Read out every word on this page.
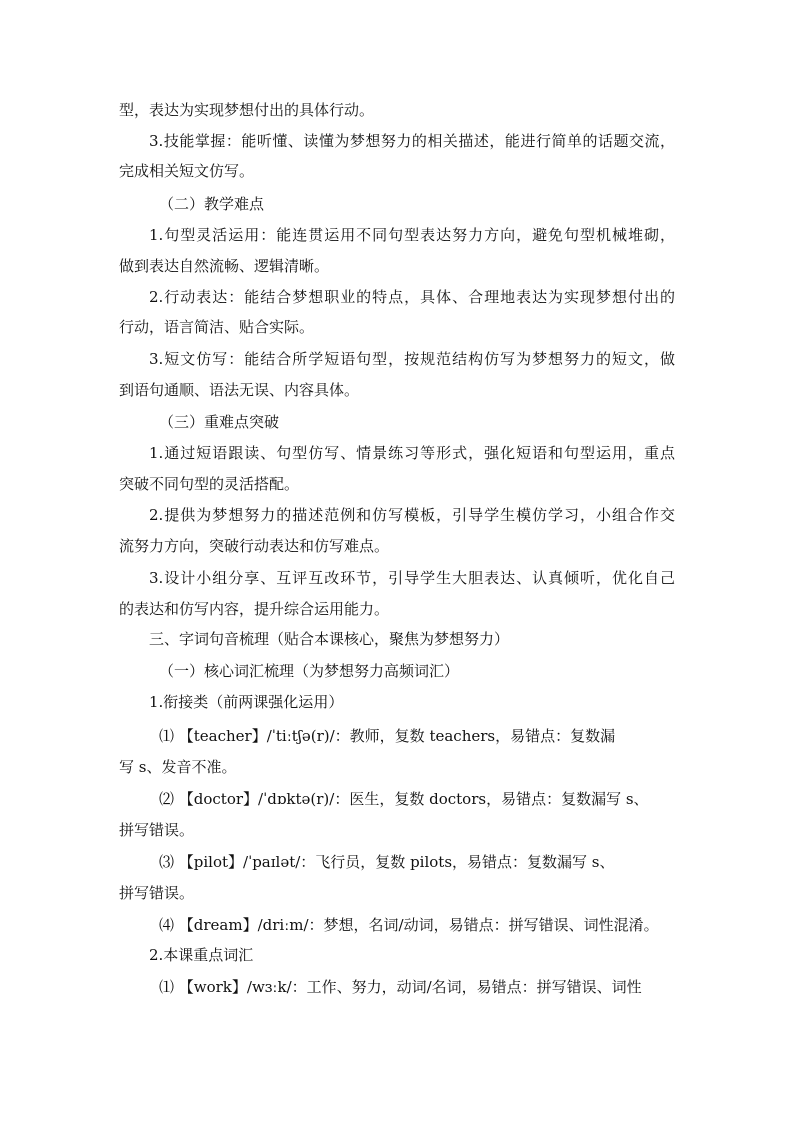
型，表达为实现梦想付出的具体行动。
3.技能掌握：能听懂、读懂为梦想努力的相关描述，能进行简单的话题交流，
完成相关短文仿写。
（二）教学难点
1.句型灵活运用：能连贯运用不同句型表达努力方向，避免句型机械堆砌，
做到表达自然流畅、逻辑清晰。
2.行动表达：能结合梦想职业的特点，具体、合理地表达为实现梦想付出的
行动，语言简洁、贴合实际。
3.短文仿写：能结合所学短语句型，按规范结构仿写为梦想努力的短文，做
到语句通顺、语法无误、内容具体。
（三）重难点突破
1.通过短语跟读、句型仿写、情景练习等形式，强化短语和句型运用，重点
突破不同句型的灵活搭配。
2.提供为梦想努力的描述范例和仿写模板，引导学生模仿学习，小组合作交
流努力方向，突破行动表达和仿写难点。
3.设计小组分享、互评互改环节，引导学生大胆表达、认真倾听，优化自己
的表达和仿写内容，提升综合运用能力。
三、字词句音梳理（贴合本课核心，聚焦为梦想努力）
（一）核心词汇梳理（为梦想努力高频词汇）
1.衔接类（前两课强化运用）
⑴ 【teacher】/ˈtiːtʃə(r)/：教师，复数 teachers，易错点：复数漏
写 s、发音不准。
⑵ 【doctor】/ˈdɒktə(r)/：医生，复数 doctors，易错点：复数漏写 s、
拼写错误。
⑶ 【pilot】/ˈpaɪlət/：飞行员，复数 pilots，易错点：复数漏写 s、
拼写错误。
⑷ 【dream】/driːm/：梦想，名词/动词，易错点：拼写错误、词性混淆。
2.本课重点词汇
⑴ 【work】/wɜːk/：工作、努力，动词/名词，易错点：拼写错误、词性
